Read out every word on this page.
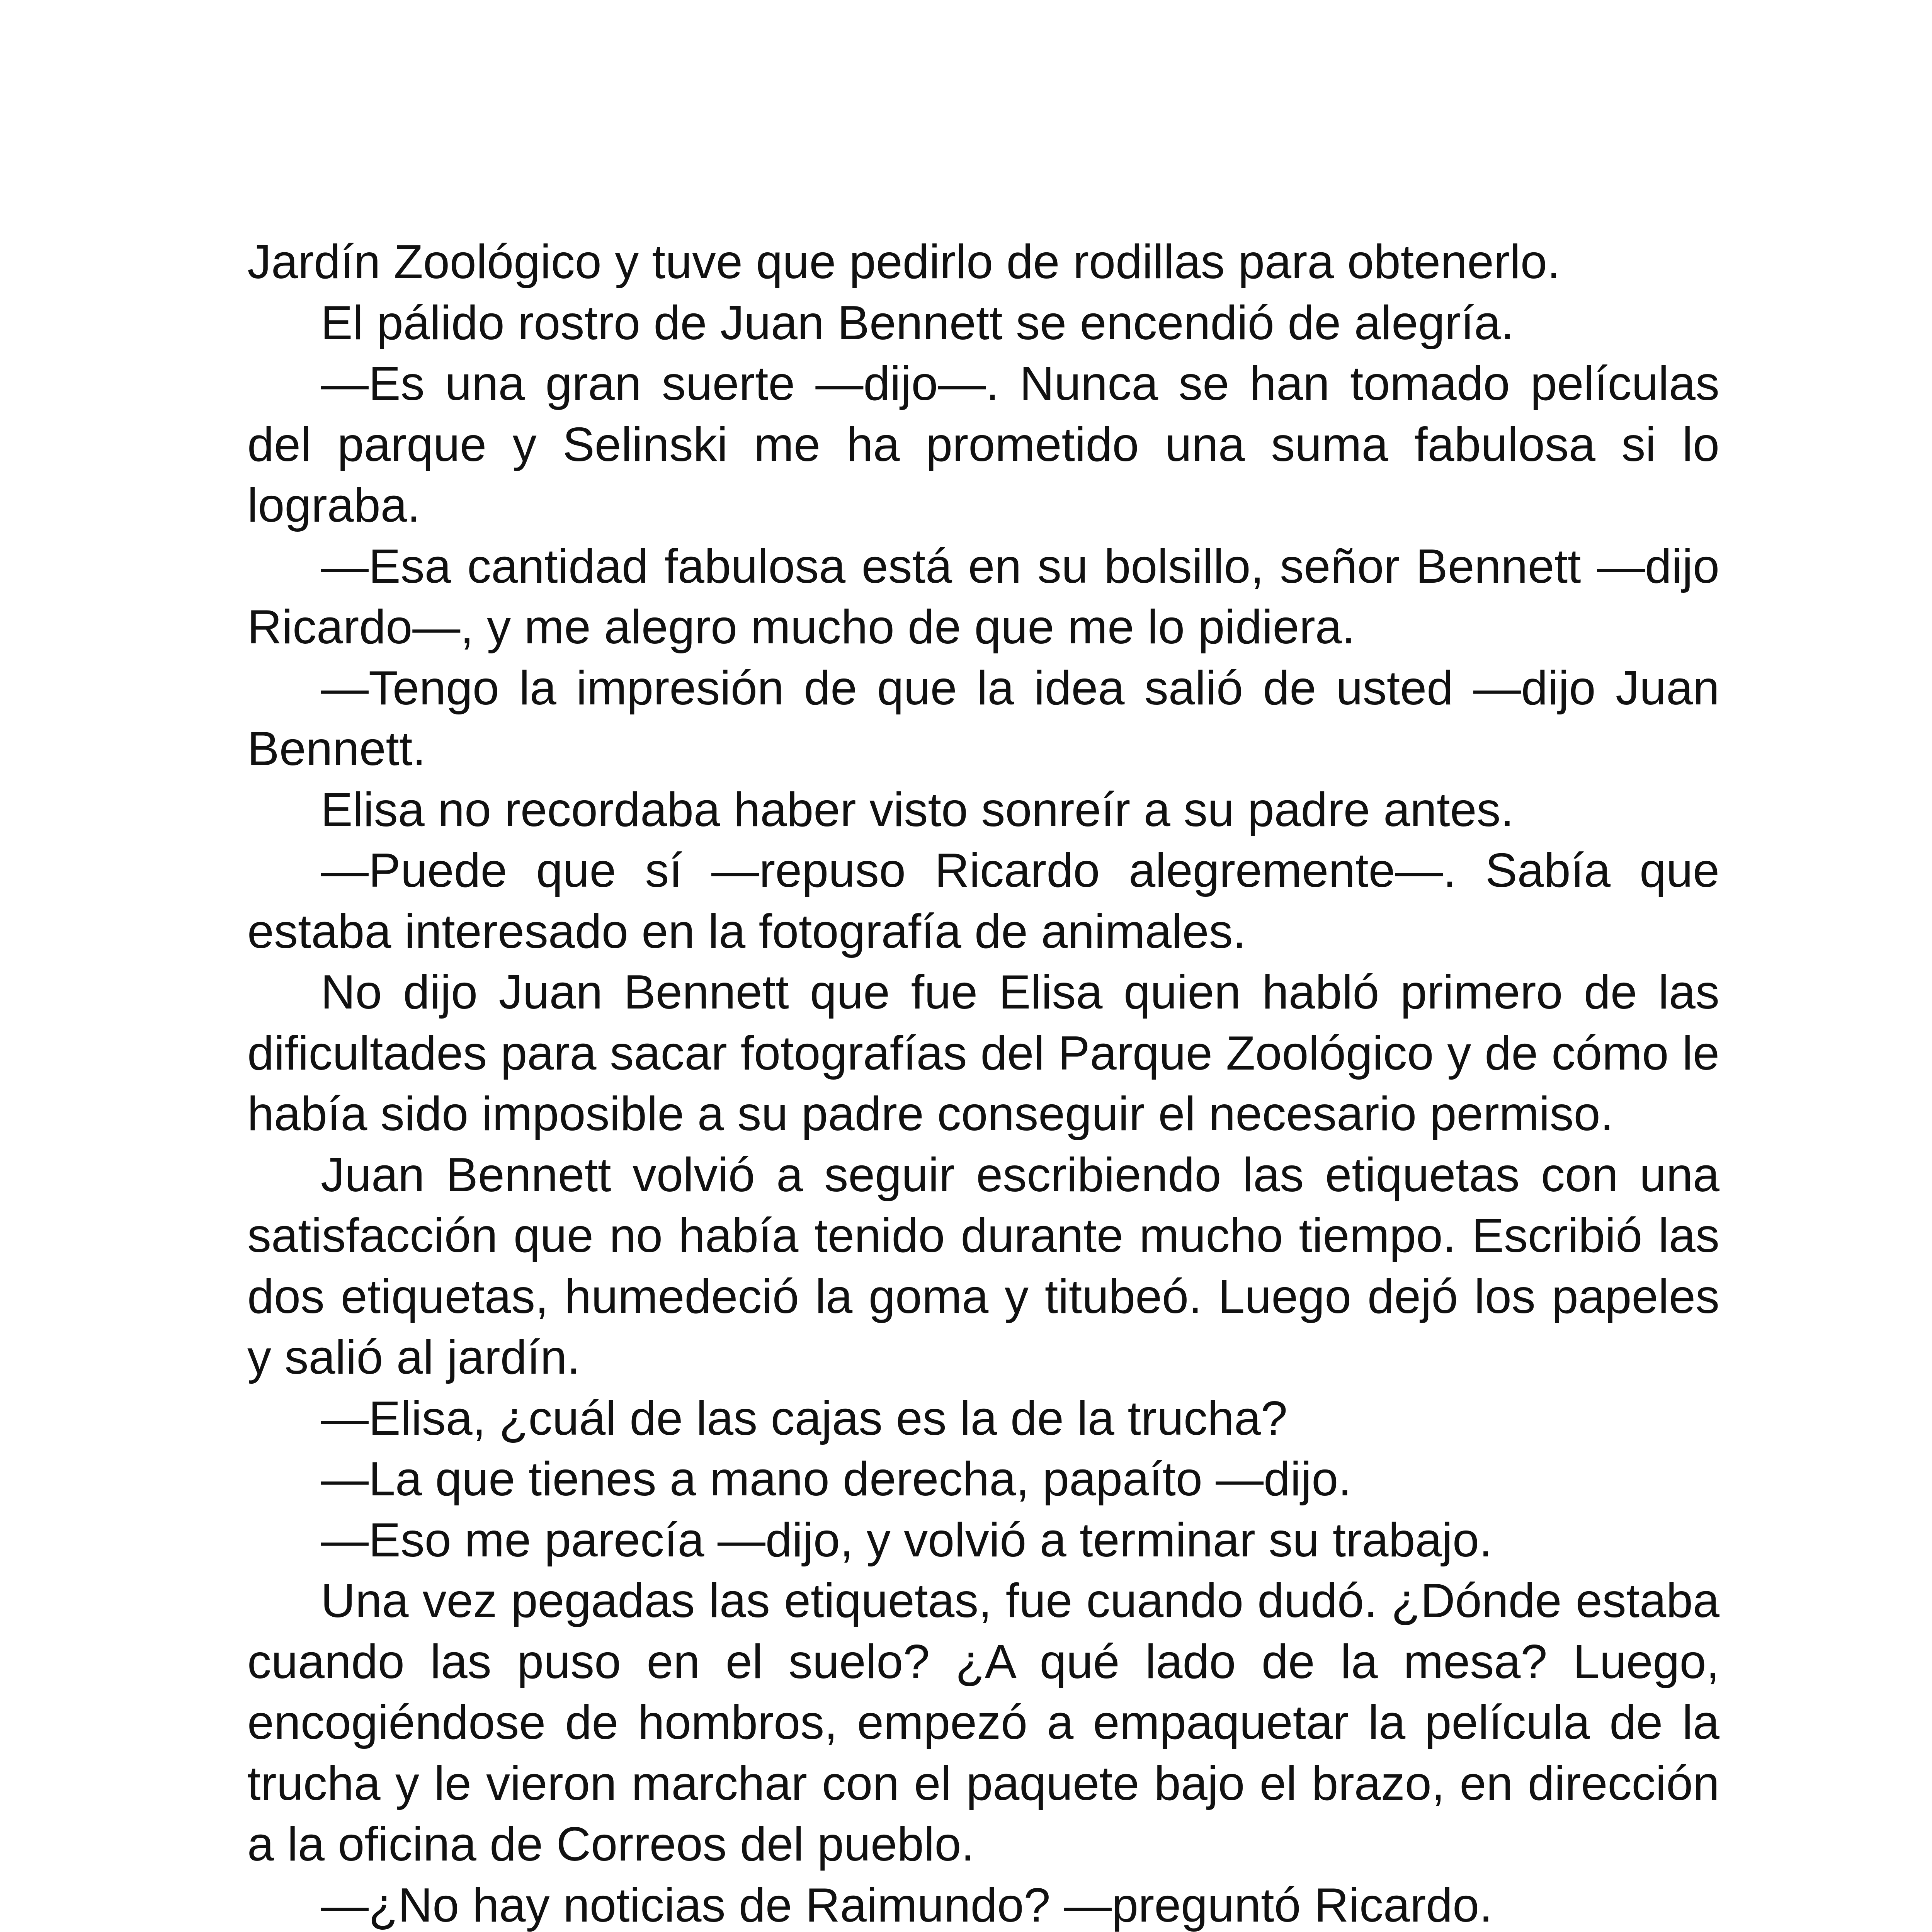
Jardín Zoológico y tuve que pedirlo de rodillas para obtenerlo.

El pálido rostro de Juan Bennett se encendió de alegría.

—Es una gran suerte —dijo—. Nunca se han tomado películas del parque y Selinski me ha prometido una suma fabulosa si lo lograba.

—Esa cantidad fabulosa está en su bolsillo, señor Bennett —dijo Ricardo—, y me alegro mucho de que me lo pidiera.

—Tengo la impresión de que la idea salió de usted —dijo Juan Bennett.

Elisa no recordaba haber visto sonreír a su padre antes.

—Puede que sí —repuso Ricardo alegremente—. Sabía que estaba interesado en la fotografía de animales.

No dijo Juan Bennett que fue Elisa quien habló primero de las dificultades para sacar fotografías del Parque Zoológico y de cómo le había sido imposible a su padre conseguir el necesario permiso.

Juan Bennett volvió a seguir escribiendo las etiquetas con una satisfacción que no había tenido durante mucho tiempo. Escribió las dos etiquetas, humedeció la goma y titubeó. Luego dejó los papeles y salió al jardín.

—Elisa, ¿cuál de las cajas es la de la trucha?

—La que tienes a mano derecha, papaíto —dijo.

—Eso me parecía —dijo, y volvió a terminar su trabajo.

Una vez pegadas las etiquetas, fue cuando dudó. ¿Dónde estaba cuando las puso en el suelo? ¿A qué lado de la mesa? Luego, encogiéndose de hombros, empezó a empaquetar la película de la trucha y le vieron marchar con el paquete bajo el brazo, en dirección a la oficina de Correos del pueblo.

—¿No hay noticias de Raimundo? —preguntó Ricardo.
